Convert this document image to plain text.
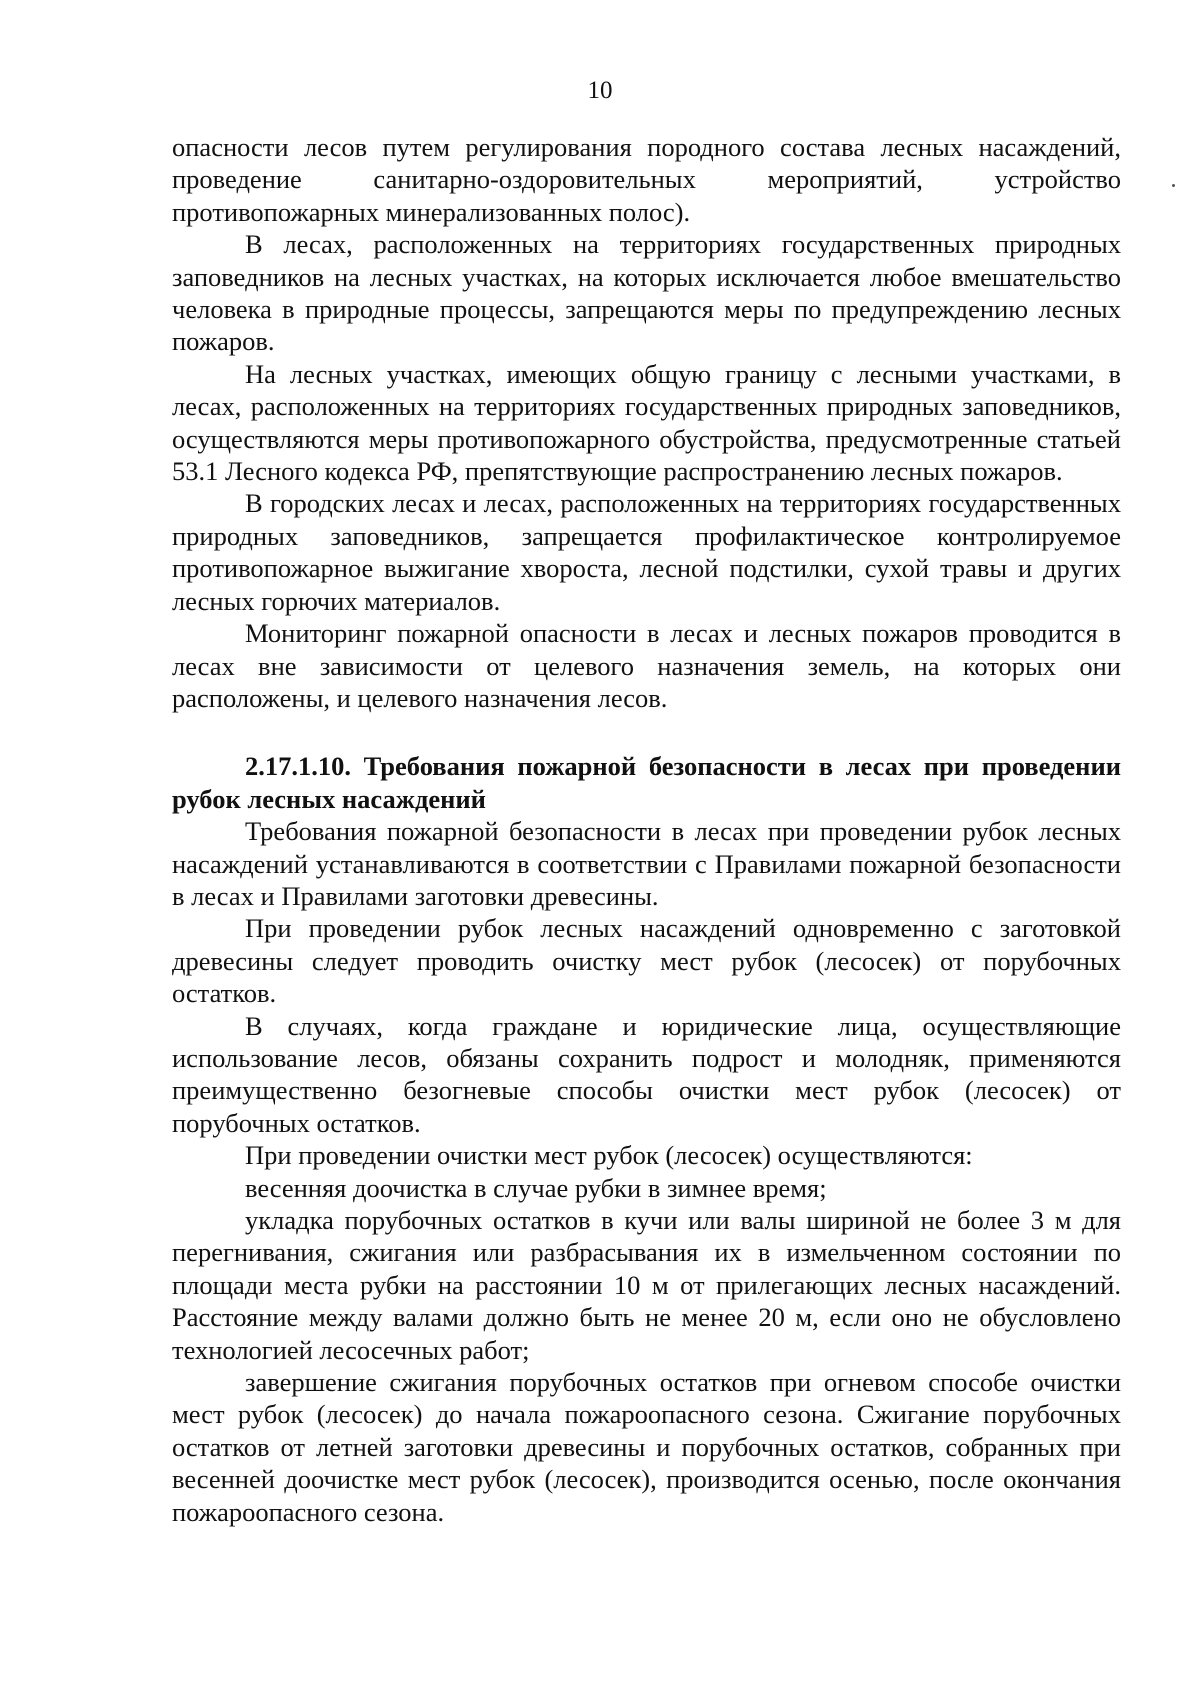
10

опасности лесов путем регулирования породного состава лесных насаждений, проведение санитарно-оздоровительных мероприятий, устройство противопожарных минерализованных полос).

В лесах, расположенных на территориях государственных природных заповедников на лесных участках, на которых исключается любое вмешательство человека в природные процессы, запрещаются меры по предупреждению лесных пожаров.

На лесных участках, имеющих общую границу с лесными участками, в лесах, расположенных на территориях государственных природных заповедников, осуществляются меры противопожарного обустройства, предусмотренные статьей 53.1 Лесного кодекса РФ, препятствующие распространению лесных пожаров.

В городских лесах и лесах, расположенных на территориях государственных природных заповедников, запрещается профилактическое контролируемое противопожарное выжигание хвороста, лесной подстилки, сухой травы и других лесных горючих материалов.

Мониторинг пожарной опасности в лесах и лесных пожаров проводится в лесах вне зависимости от целевого назначения земель, на которых они расположены, и целевого назначения лесов.

2.17.1.10. Требования пожарной безопасности в лесах при проведении рубок лесных насаждений

Требования пожарной безопасности в лесах при проведении рубок лесных насаждений устанавливаются в соответствии с Правилами пожарной безопасности в лесах и Правилами заготовки древесины.

При проведении рубок лесных насаждений одновременно с заготовкой древесины следует проводить очистку мест рубок (лесосек) от порубочных остатков.

В случаях, когда граждане и юридические лица, осуществляющие использование лесов, обязаны сохранить подрост и молодняк, применяются преимущественно безогневые способы очистки мест рубок (лесосек) от порубочных остатков.

При проведении очистки мест рубок (лесосек) осуществляются:

весенняя доочистка в случае рубки в зимнее время;

укладка порубочных остатков в кучи или валы шириной не более 3 м для перегнивания, сжигания или разбрасывания их в измельченном состоянии по площади места рубки на расстоянии 10 м от прилегающих лесных насаждений. Расстояние между валами должно быть не менее 20 м, если оно не обусловлено технологией лесосечных работ;

завершение сжигания порубочных остатков при огневом способе очистки мест рубок (лесосек) до начала пожароопасного сезона. Сжигание порубочных остатков от летней заготовки древесины и порубочных остатков, собранных при весенней доочистке мест рубок (лесосек), производится осенью, после окончания пожароопасного сезона.
